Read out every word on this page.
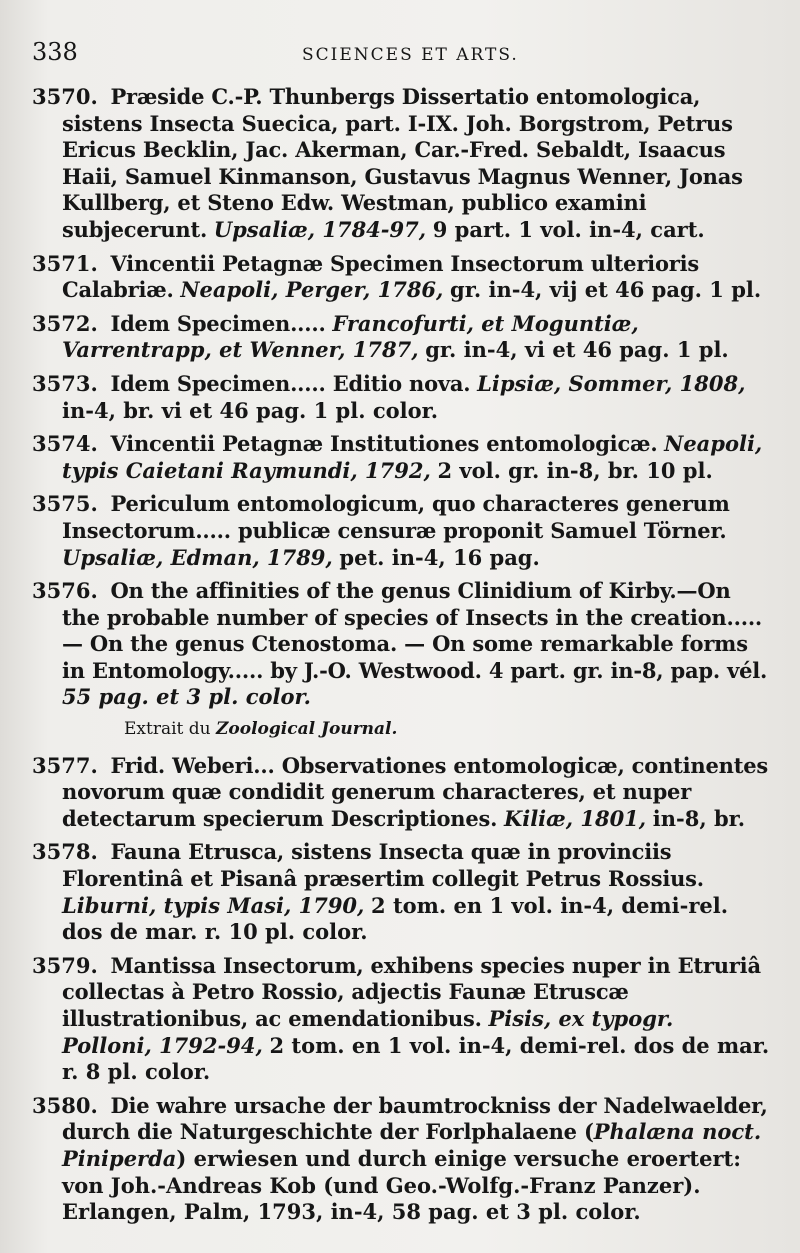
338	SCIENCES ET ARTS.
3570. Præside C.-P. Thunbergs Dissertatio entomologica, sistens Insecta Suecica, part. I-IX. Joh. Borgstrom, Petrus Ericus Becklin, Jac. Akerman, Car.-Fred. Sebaldt, Isaacus Haii, Samuel Kinmanson, Gustavus Magnus Wenner, Jonas Kullberg, et Steno Edw. Westman, publico examini subjecerunt. Upsaliæ, 1784-97, 9 part. 1 vol. in-4, cart.
3571. Vincentii Petagnæ Specimen Insectorum ulterioris Calabriæ. Neapoli, Perger, 1786, gr. in-4, vij et 46 pag. 1 pl.
3572. Idem Specimen..... Francofurti, et Moguntiæ, Varrentrapp, et Wenner, 1787, gr. in-4, vi et 46 pag. 1 pl.
3573. Idem Specimen..... Editio nova. Lipsiæ, Sommer, 1808, in-4, br. vi et 46 pag. 1 pl. color.
3574. Vincentii Petagnæ Institutiones entomologicæ. Neapoli, typis Caietani Raymundi, 1792, 2 vol. gr. in-8, br. 10 pl.
3575. Periculum entomologicum, quo characteres generum Insectorum..... publicæ censuræ proponit Samuel Törner. Upsaliæ, Edman, 1789, pet. in-4, 16 pag.
3576. On the affinities of the genus Clinidium of Kirby.—On the probable number of species of Insects in the creation..... — On the genus Ctenostoma. — On some remarkable forms in Entomology..... by J.-O. Westwood. 4 part. gr. in-8, pap. vél. 55 pag. et 3 pl. color.
Extrait du Zoological Journal.
3577. Frid. Weberi... Observationes entomologicæ, continentes novorum quæ condidit generum characteres, et nuper detectarum specierum Descriptiones. Kiliæ, 1801, in-8, br.
3578. Fauna Etrusca, sistens Insecta quæ in provinciis Florentinâ et Pisanâ præsertim collegit Petrus Rossius. Liburni, typis Masi, 1790, 2 tom. en 1 vol. in-4, demi-rel. dos de mar. r. 10 pl. color.
3579. Mantissa Insectorum, exhibens species nuper in Etruriâ collectas à Petro Rossio, adjectis Faunæ Etruscæ illustrationibus, ac emendationibus. Pisis, ex typogr. Polloni, 1792-94, 2 tom. en 1 vol. in-4, demi-rel. dos de mar. r. 8 pl. color.
3580. Die wahre ursache der baumtrockniss der Nadelwaelder, durch die Naturgeschichte der Forlphalaene (Phalæna noct. Piniperda) erwiesen und durch einige versuche eroertert: von Joh.-Andreas Kob (und Geo.-Wolfg.-Franz Panzer). Erlangen, Palm, 1793, in-4, 58 pag. et 3 pl. color.
